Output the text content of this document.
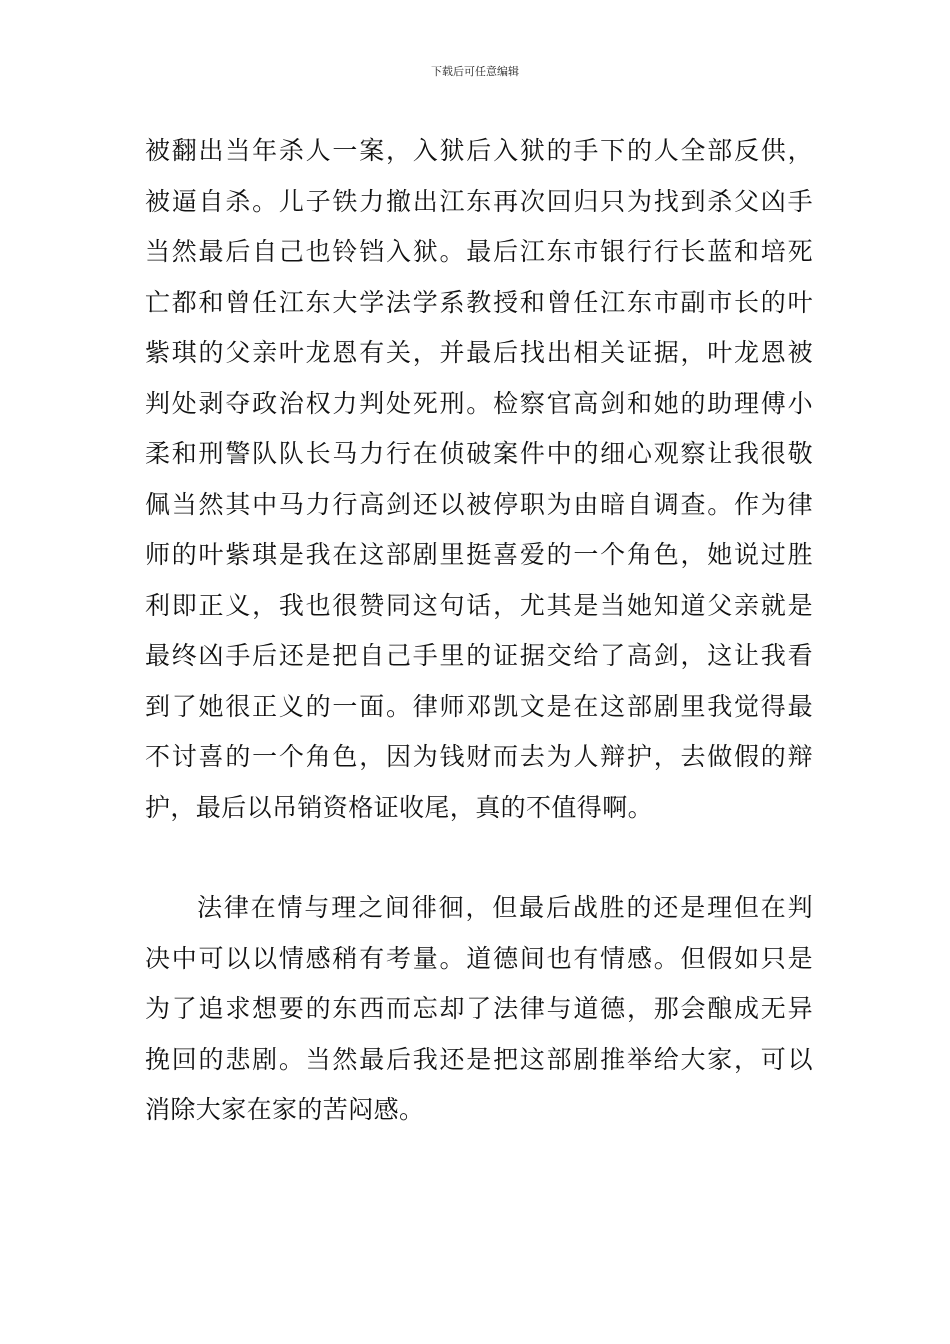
下载后可任意编辑
被翻出当年杀人一案，入狱后入狱的手下的人全部反供，
被逼自杀。儿子铁力撤出江东再次回归只为找到杀父凶手
当然最后自己也铃铛入狱。最后江东市银行行长蓝和培死
亡都和曾任江东大学法学系教授和曾任江东市副市长的叶
紫琪的父亲叶龙恩有关，并最后找出相关证据，叶龙恩被
判处剥夺政治权力判处死刑。检察官高剑和她的助理傅小
柔和刑警队队长马力行在侦破案件中的细心观察让我很敬
佩当然其中马力行高剑还以被停职为由暗自调查。作为律
师的叶紫琪是我在这部剧里挺喜爱的一个角色，她说过胜
利即正义，我也很赞同这句话，尤其是当她知道父亲就是
最终凶手后还是把自己手里的证据交给了高剑，这让我看
到了她很正义的一面。律师邓凯文是在这部剧里我觉得最
不讨喜的一个角色，因为钱财而去为人辩护，去做假的辩
护，最后以吊销资格证收尾，真的不值得啊。
法律在情与理之间徘徊，但最后战胜的还是理但在判
决中可以以情感稍有考量。道德间也有情感。但假如只是
为了追求想要的东西而忘却了法律与道德，那会酿成无异
挽回的悲剧。当然最后我还是把这部剧推举给大家，可以
消除大家在家的苦闷感。
